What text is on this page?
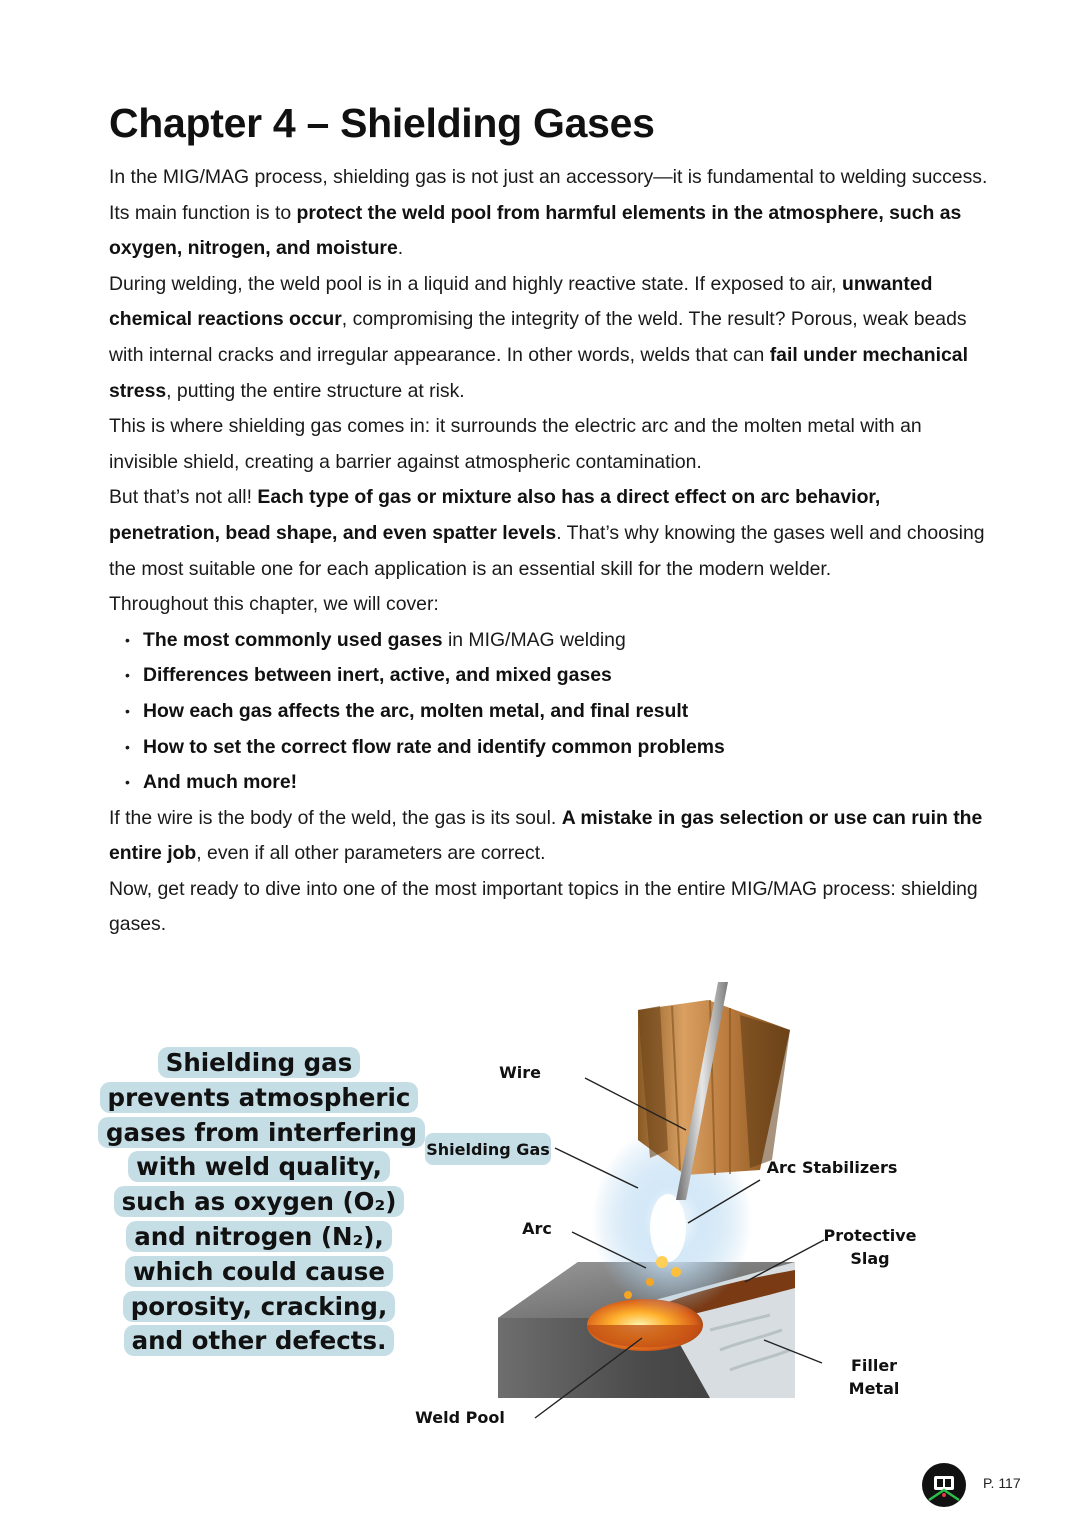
Chapter 4 – Shielding Gases

In the MIG/MAG process, shielding gas is not just an accessory—it is fundamental to welding success. Its main function is to protect the weld pool from harmful elements in the atmosphere, such as oxygen, nitrogen, and moisture.

During welding, the weld pool is in a liquid and highly reactive state. If exposed to air, unwanted chemical reactions occur, compromising the integrity of the weld. The result? Porous, weak beads with internal cracks and irregular appearance. In other words, welds that can fail under mechanical stress, putting the entire structure at risk.

This is where shielding gas comes in: it surrounds the electric arc and the molten metal with an invisible shield, creating a barrier against atmospheric contamination.

But that’s not all! Each type of gas or mixture also has a direct effect on arc behavior, penetration, bead shape, and even spatter levels. That’s why knowing the gases well and choosing the most suitable one for each application is an essential skill for the modern welder.

Throughout this chapter, we will cover:

• The most commonly used gases in MIG/MAG welding
• Differences between inert, active, and mixed gases
• How each gas affects the arc, molten metal, and final result
• How to set the correct flow rate and identify common problems
• And much more!

If the wire is the body of the weld, the gas is its soul. A mistake in gas selection or use can ruin the entire job, even if all other parameters are correct.

Now, get ready to dive into one of the most important topics in the entire MIG/MAG process: shielding gases.

Shielding gas prevents atmospheric gases from interfering with weld quality, such as oxygen (O₂) and nitrogen (N₂), which could cause porosity, cracking, and other defects.
Wire
Shielding Gas
Arc Stabilizers
Arc	Protective
Slag
Filler
Metal
Weld Pool
P. 117
